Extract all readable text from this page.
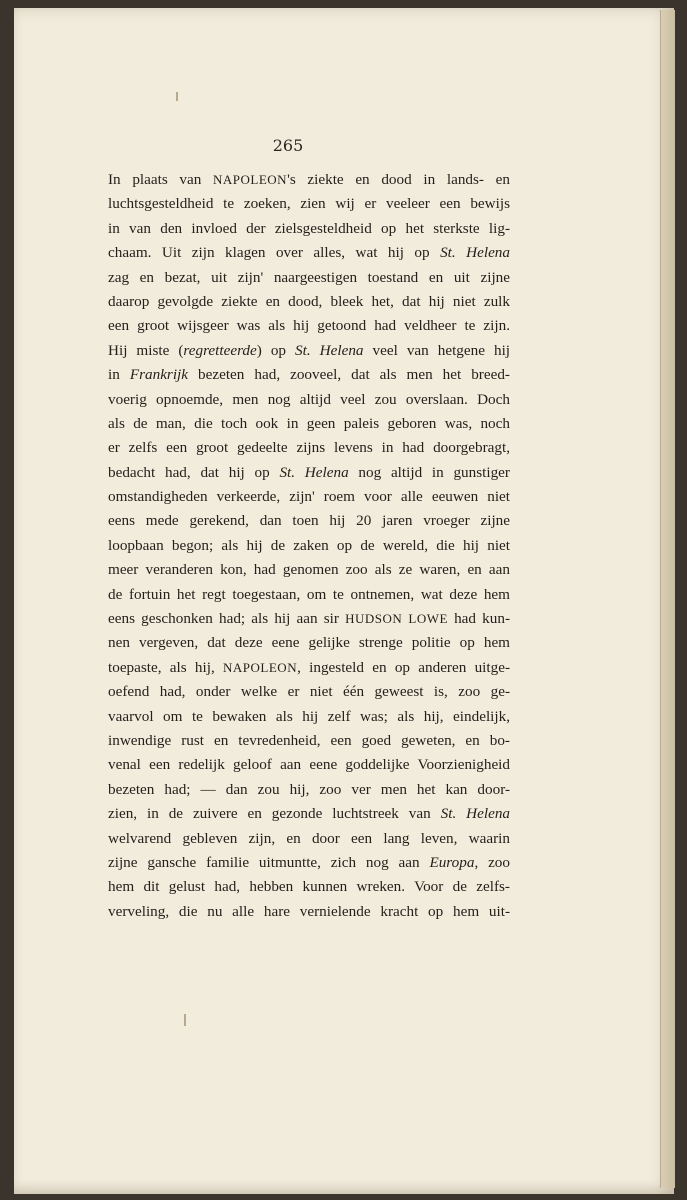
265
In plaats van NAPOLEON's ziekte en dood in lands- en
luchtsgesteldheid te zoeken, zien wij er veeleer een bewijs
in van den invloed der zielsgesteldheid op het sterkste lig-
chaam. Uit zijn klagen over alles, wat hij op St. Helena
zag en bezat, uit zijn' naargeestigen toestand en uit zijne
daarop gevolgde ziekte en dood, bleek het, dat hij niet zulk
een groot wijsgeer was als hij getoond had veldheer te zijn.
Hij miste (regretteerde) op St. Helena veel van hetgene hij
in Frankrijk bezeten had, zooveel, dat als men het breed-
voerig opnoemde, men nog altijd veel zou overslaan. Doch
als de man, die toch ook in geen paleis geboren was, noch
er zelfs een groot gedeelte zijns levens in had doorgebragt,
bedacht had, dat hij op St. Helena nog altijd in gunstiger
omstandigheden verkeerde, zijn' roem voor alle eeuwen niet
eens mede gerekend, dan toen hij 20 jaren vroeger zijne
loopbaan begon; als hij de zaken op de wereld, die hij niet
meer veranderen kon, had genomen zoo als ze waren, en aan
de fortuin het regt toegestaan, om te ontnemen, wat deze hem
eens geschonken had; als hij aan sir HUDSON LOWE had kun-
nen vergeven, dat deze eene gelijke strenge politie op hem
toepaste, als hij, NAPOLEON, ingesteld en op anderen uitge-
oefend had, onder welke er niet één geweest is, zoo ge-
vaarvol om te bewaken als hij zelf was; als hij, eindelijk,
inwendige rust en tevredenheid, een goed geweten, en bo-
venal een redelijk geloof aan eene goddelijke Voorzienigheid
bezeten had; — dan zou hij, zoo ver men het kan door-
zien, in de zuivere en gezonde luchtstreek van St. Helena
welvarend gebleven zijn, en door een lang leven, waarin
zijne gansche familie uitmuntte, zich nog aan Europa, zoo
hem dit gelust had, hebben kunnen wreken. Voor de zelfs-
verveling, die nu alle hare vernielende kracht op hem uit-
